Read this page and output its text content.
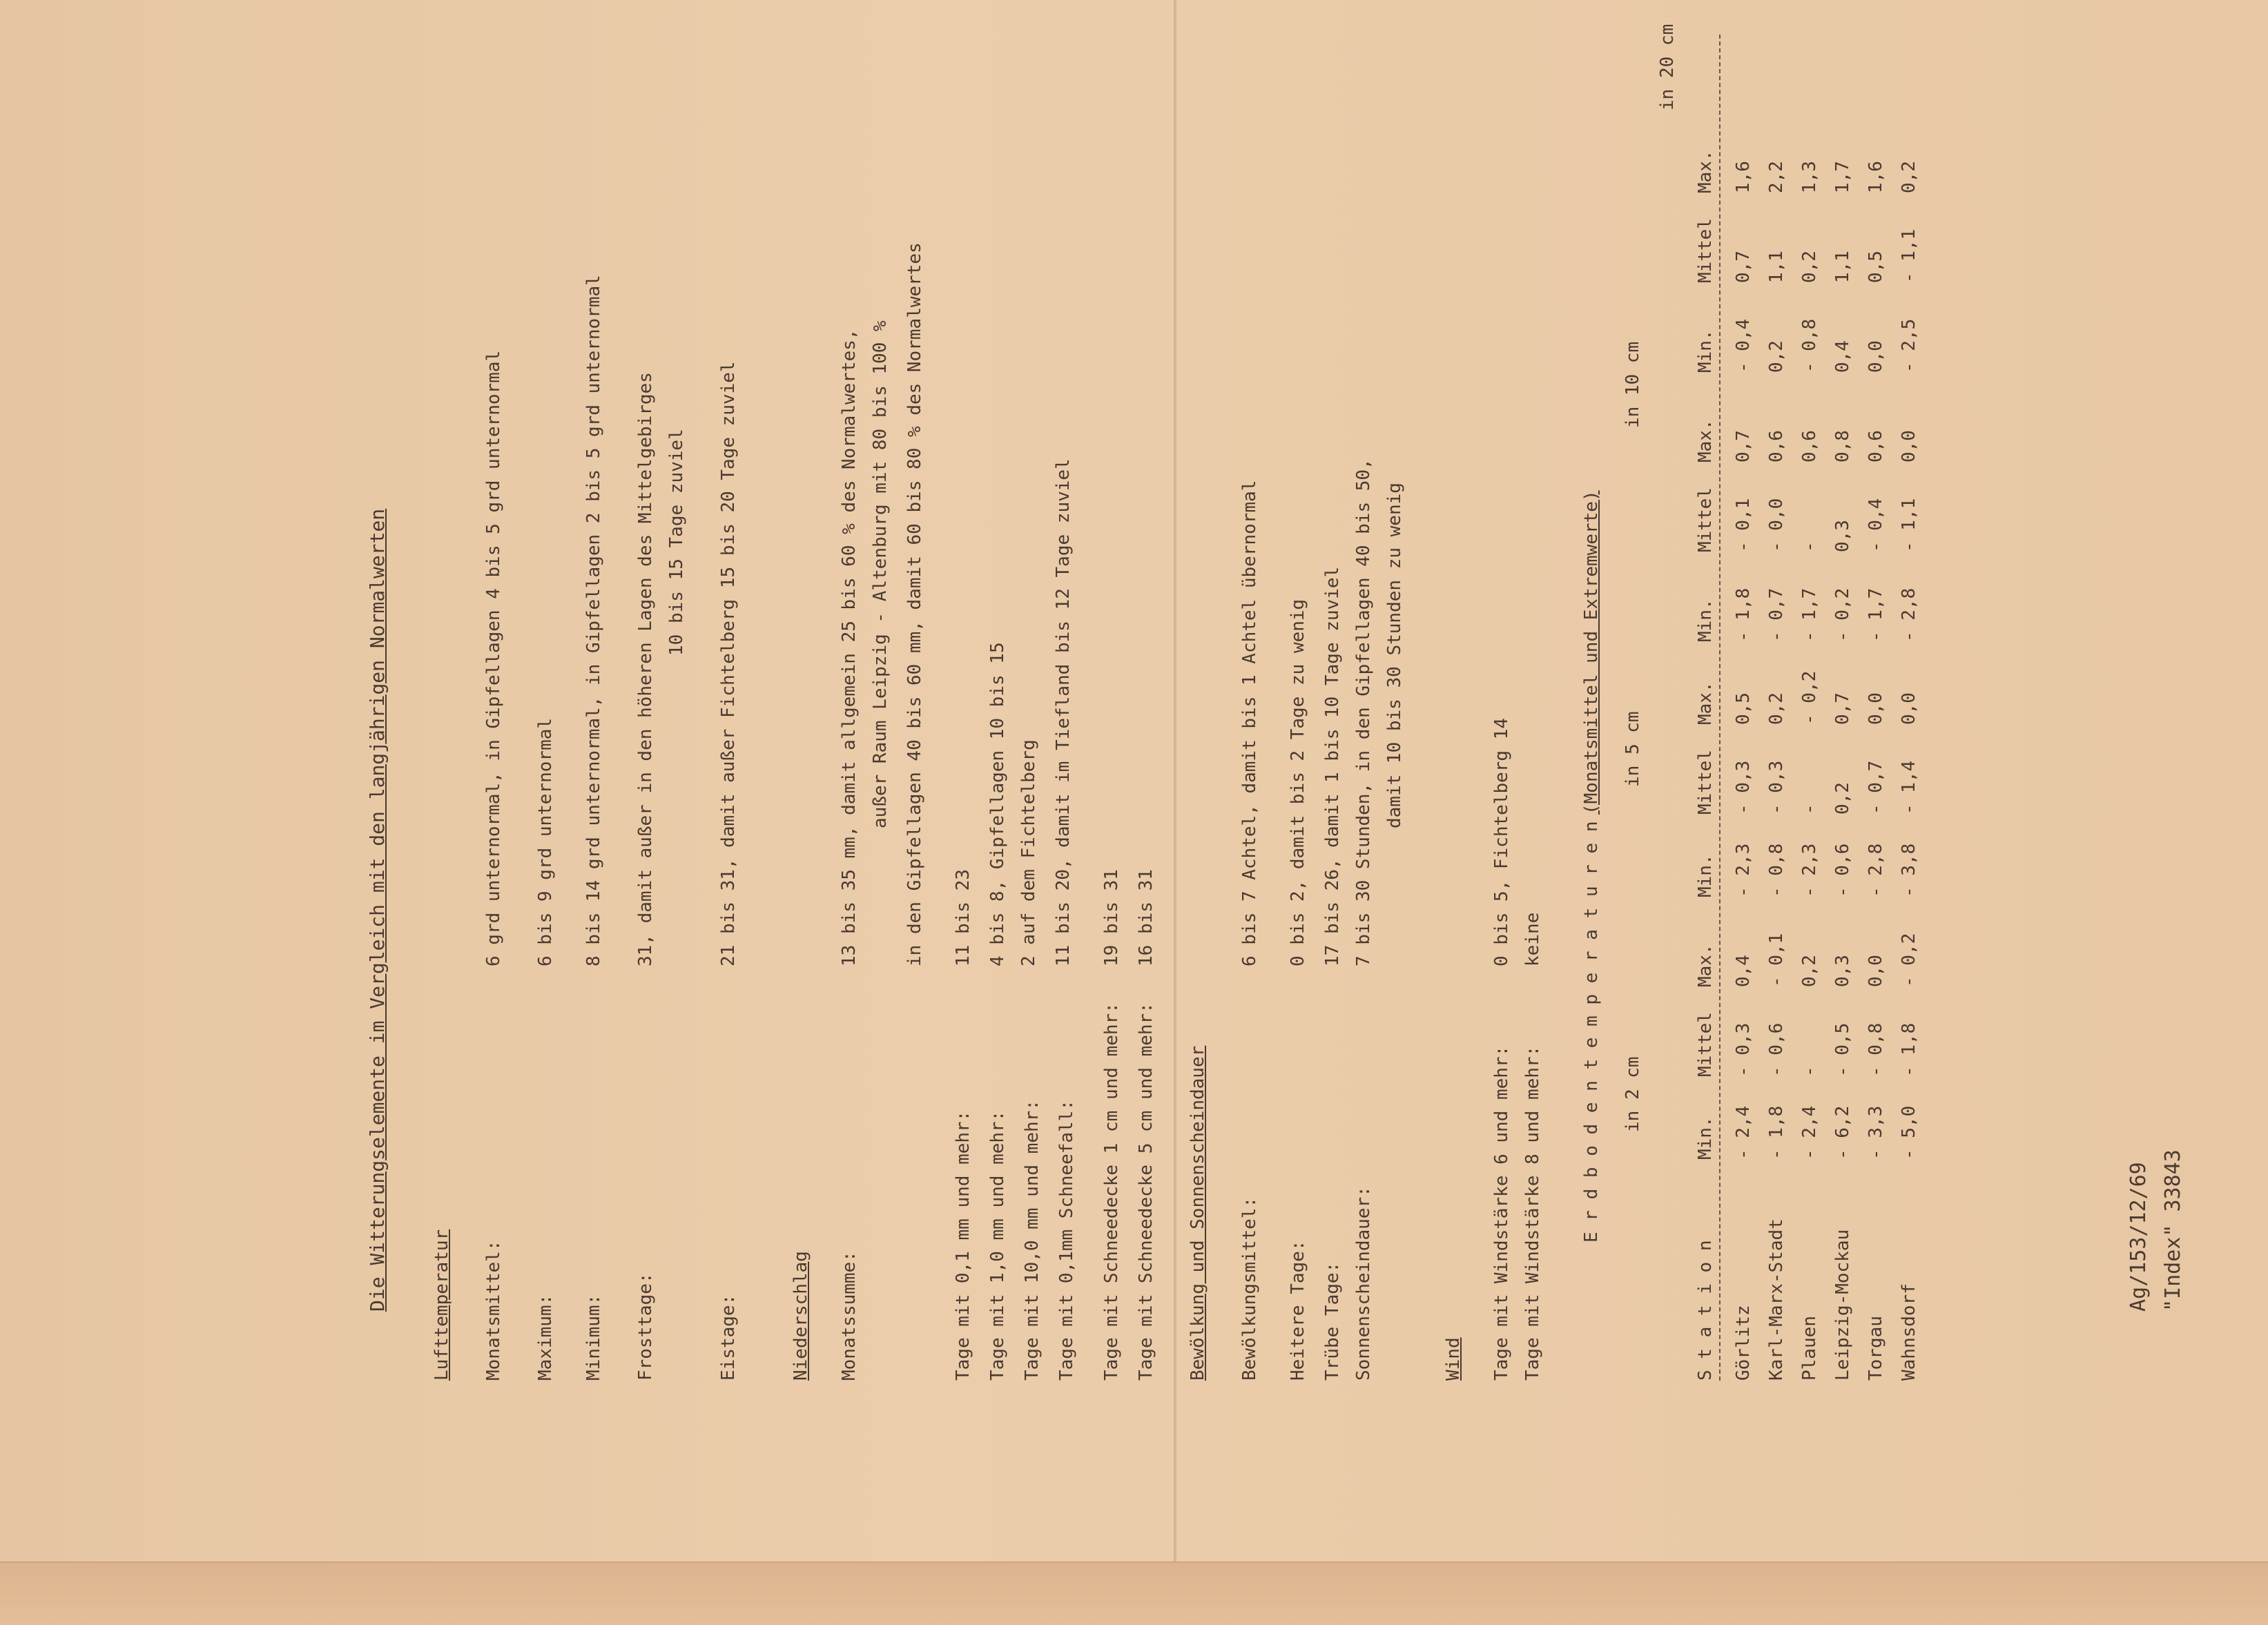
Die Witterungselemente im Vergleich mit den langjährigen Normalwerten Lufttemperatur Monatsmittel:
6 grd unternormal, in Gipfellagen 4 bis 5 grd unternormal
Maximum:
6 bis 9 grd unternormal
Minimum:
8 bis 14 grd unternormal, in Gipfellagen 2 bis 5 grd unternormal
Frosttage:
31, damit außer in den höheren Lagen des Mittelgebirges 10 bis 15 Tage zuviel
Eistage:
21 bis 31, damit außer Fichtelberg 15 bis 20 Tage zuviel
Niederschlag Monatssumme:
13 bis 35 mm, damit allgemein 25 bis 60 % des Normalwertes, außer Raum Leipzig - Altenburg mit 80 bis 100 % in den Gipfellagen 40 bis 60 mm, damit 60 bis 80 % des Normalwertes
Tage mit 0,1 mm und mehr:
11 bis 23
Tage mit 1,0 mm und mehr:
4 bis 8, Gipfellagen 10 bis 15 2 auf dem Fichtelberg
Tage mit 10,0 mm und mehr:
11 bis 20, damit im Tiefland bis 12 Tage zuviel
Tage mit 0,1mm Schneefall: Tage mit Schneedecke 1 cm und mehr:
19 bis 31
Tage mit Schneedecke 5 cm und mehr:
16 bis 31
Bewölkung und Sonnenscheindauer Bewölkungsmittel:
6 bis 7 Achtel, damit bis 1 Achtel übernormal
Heitere Tage:
0 bis 2, damit bis 2 Tage zu wenig
Trübe Tage:
17 bis 26, damit 1 bis 10 Tage zuviel
Sonnenscheindauer:
7 bis 30 Stunden, in den Gipfellagen 40 bis 50, damit 10 bis 30 Stunden zu wenig
Wind Tage mit Windstärke 6 und mehr:
0 bis 5, Fichtelberg 14
Tage mit Windstärke 8 und mehr:
keine E r d b o d e n t e m p e r a t u r e n
(Monatsmittel und Extremwerte)
in 2 cm
in 5 cm
in 10 cm
in 20 cm
S t a t i o n
Min.
Mittel
Max.
Min.
Mittel
Max.
Min.
Mittel
Max.
Min.
Mittel
Max.
Görlitz
- 2,4
- 0,3
0,4
- 2,3
- 0,3
0,5
- 1,8
- 0,1
0,7
- 0,4
0,7
1,6
Karl-Marx-Stadt
- 1,8
- 0,6
- 0,1
- 0,8
- 0,3
0,2
- 0,7
- 0,0
0,6
0,2
1,1
2,2
Plauen
- 2,4
-
0,2
- 2,3
-
- 0,2
- 1,7
-
0,6
- 0,8
0,2
1,3
Leipzig-Mockau
- 6,2
- 0,5
0,3
- 0,6
0,2
0,7
- 0,2
0,3
0,8
0,4
1,1
1,7
Torgau
- 3,3
- 0,8
0,0
- 2,8
- 0,7
0,0
- 1,7
- 0,4
0,6
0,0
0,5
1,6
Wahnsdorf
- 5,0
- 1,8
- 0,2
- 3,8
- 1,4
0,0
- 2,8
- 1,1
0,0
- 2,5
- 1,1
0,2
Ag/153/12/69 "Index" 33843
